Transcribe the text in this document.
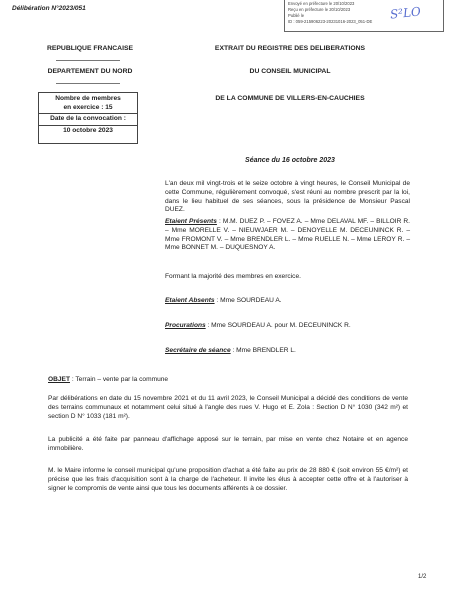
Délibération N°2023/051
Envoyé en préfecture le 20/10/2023
Reçu en préfecture le 20/10/2023
Publié le
ID : 059-215906223-20231016-2023_051-DE	S²LO
REPUBLIQUE FRANCAISE
DEPARTEMENT DU NORD
Nombre de membres
en exercice : 15
Date de la convocation :
10 octobre 2023
EXTRAIT DU REGISTRE DES DELIBERATIONS
DU CONSEIL MUNICIPAL
DE LA COMMUNE DE VILLERS-EN-CAUCHIES
Séance du 16 octobre 2023
L'an deux mil vingt-trois et le seize octobre à vingt heures, le Conseil Municipal de cette Commune, régulièrement convoqué, s'est réuni au nombre prescrit par la loi, dans le lieu habituel de ses séances, sous la présidence de Monsieur Pascal DUEZ.
Etaient Présents : M.M. DUEZ P. – FOVEZ A. – Mme DELAVAL MF. – BILLOIR R. – Mme MORELLE V. – NIEUWJAER M. – DENOYELLE M. DECEUNINCK R. – Mme FROMONT V. – Mme BRENDLER L. – Mme RUELLE N. – Mme LEROY R. – Mme BONNET M. – DUQUESNOY A.
Formant la majorité des membres en exercice.
Etaient Absents : Mme SOURDEAU A.
Procurations : Mme SOURDEAU A. pour M. DECEUNINCK R.
Secrétaire de séance : Mme BRENDLER L.
OBJET : Terrain – vente par la commune
Par délibérations en date du 15 novembre 2021 et du 11 avril 2023, le Conseil Municipal a décidé des conditions de vente des terrains communaux et notamment celui situé à l'angle des rues V. Hugo et E. Zola : Section D N° 1030 (342 m²) et section D N° 1033 (181 m²).
La publicité a été faite par panneau d'affichage apposé sur le terrain, par mise en vente chez Notaire et en agence immobilière.
M. le Maire informe le conseil municipal qu'une proposition d'achat a été faite au prix de 28 880 € (soit environ 55 €/m²) et précise que les frais d'acquisition sont à la charge de l'acheteur. Il invite les élus à accepter cette offre et à l'autoriser à signer le compromis de vente ainsi que tous les documents afférents à ce dossier.
1/2
